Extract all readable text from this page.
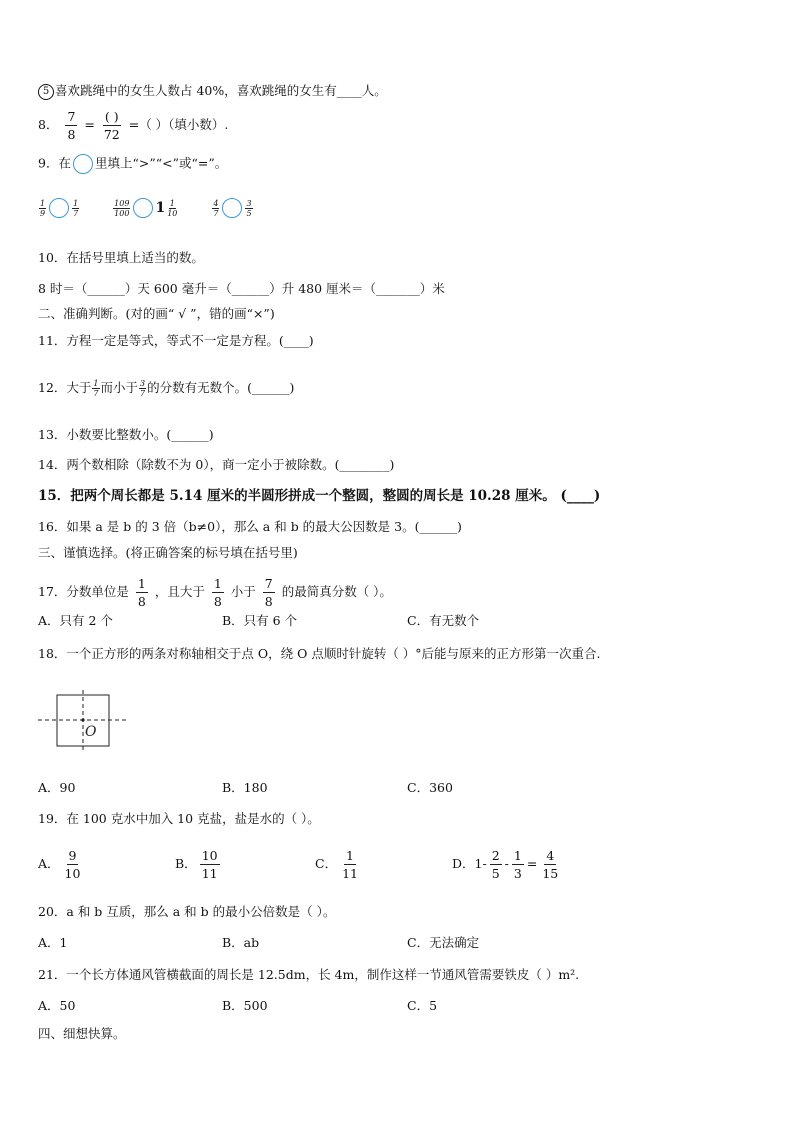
5 喜欢跳绳中的女生人数占 40%，喜欢跳绳的女生有____人。
8． $\frac{7}{8} = \frac{( )}{72}$ =（ ）（填小数）.
9．在 里填上“>”“<”或“=”。
$\frac{1}{9}$	$\frac{1}{7}$
	$\frac{109}{100} 1 \frac{1}{10}$
	$\frac{4}{7}$	$\frac{3}{5}$
10．在括号里填上适当的数。
8 时＝（______）天 600 毫升＝（______）升 480 厘米＝（_______）米
二、准确判断。(对的画“ √ ”，错的画“×”)
11．方程一定是等式，等式不一定是方程。(____)
12．大于 $\frac{1}{7}$ 而小于 $\frac{3}{7}$ 的分数有无数个。(______)
13．小数要比整数小。(______)
14．两个数相除（除数不为 0），商一定小于被除数。(________)
15．把两个周长都是 5.14 厘米的半圆形拼成一个整圆，整圆的周长是 10.28 厘米。 (____)
16．如果 a 是 b 的 3 倍（b≠0），那么 a 和 b 的最大公因数是 3。(______)
三、谨慎选择。(将正确答案的标号填在括号里)
17．分数单位是 $\frac{1}{8}$ ，且大于 $\frac{1}{8}$ 小于 $\frac{7}{8}$ 的最简真分数（ ）。
A．只有 2 个	B．只有 6 个	C．有无数个
18．一个正方形的两条对称轴相交于点 O，绕 O 点顺时针旋转（ ）°后能与原来的正方形第一次重合.
O
A．90	B．180	C．360
19．在 100 克水中加入 10 克盐，盐是水的（ ）。
A． $\frac{9}{10}$	B． $\frac{10}{11}$	C． $\frac{1}{11}$	D．$1- \frac{2}{5} - \frac{1}{3} = \frac{4}{15}$
20．a 和 b 互质，那么 a 和 b 的最小公倍数是（ ）。
A．1	B．ab	C．无法确定
21．一个长方体通风管横截面的周长是 12.5dm，长 4m，制作这样一节通风管需要铁皮（ ）m².
A．50	B．500	C．5
四、细想快算。
